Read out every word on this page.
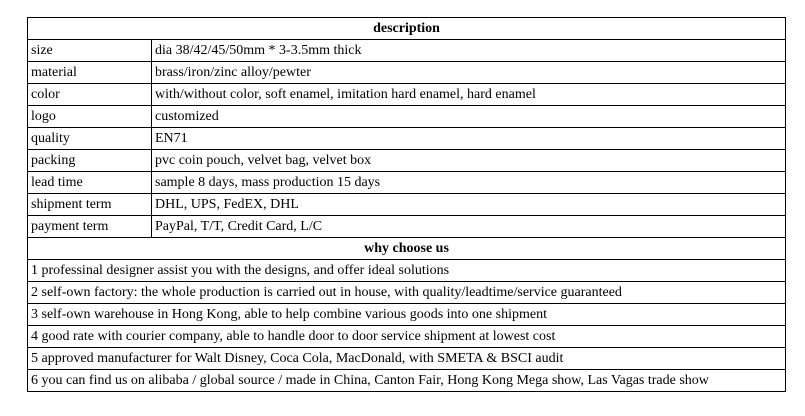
description	
size	dia 38/42/45/50mm * 3-3.5mm thick
material	brass/iron/zinc alloy/pewter
color	with/without color, soft enamel, imitation hard enamel, hard enamel
logo	customized
quality	EN71
packing	pvc coin pouch, velvet bag, velvet box
lead time	sample 8 days, mass production 15 days
shipment term	DHL, UPS, FedEX, DHL
payment term	PayPal, T/T, Credit Card, L/C
why choose us	
1 professinal designer assist you with the designs, and offer ideal solutions	
2 self-own factory: the whole production is carried out in house, with quality/leadtime/service guaranteed	
3 self-own warehouse in Hong Kong, able to help combine various goods into one shipment	
4 good rate with courier company, able to handle door to door service shipment at lowest cost	
5 approved manufacturer for Walt Disney, Coca Cola, MacDonald, with SMETA & BSCI audit	
6 you can find us on alibaba / global source / made in China, Canton Fair, Hong Kong Mega show, Las Vagas trade show	
